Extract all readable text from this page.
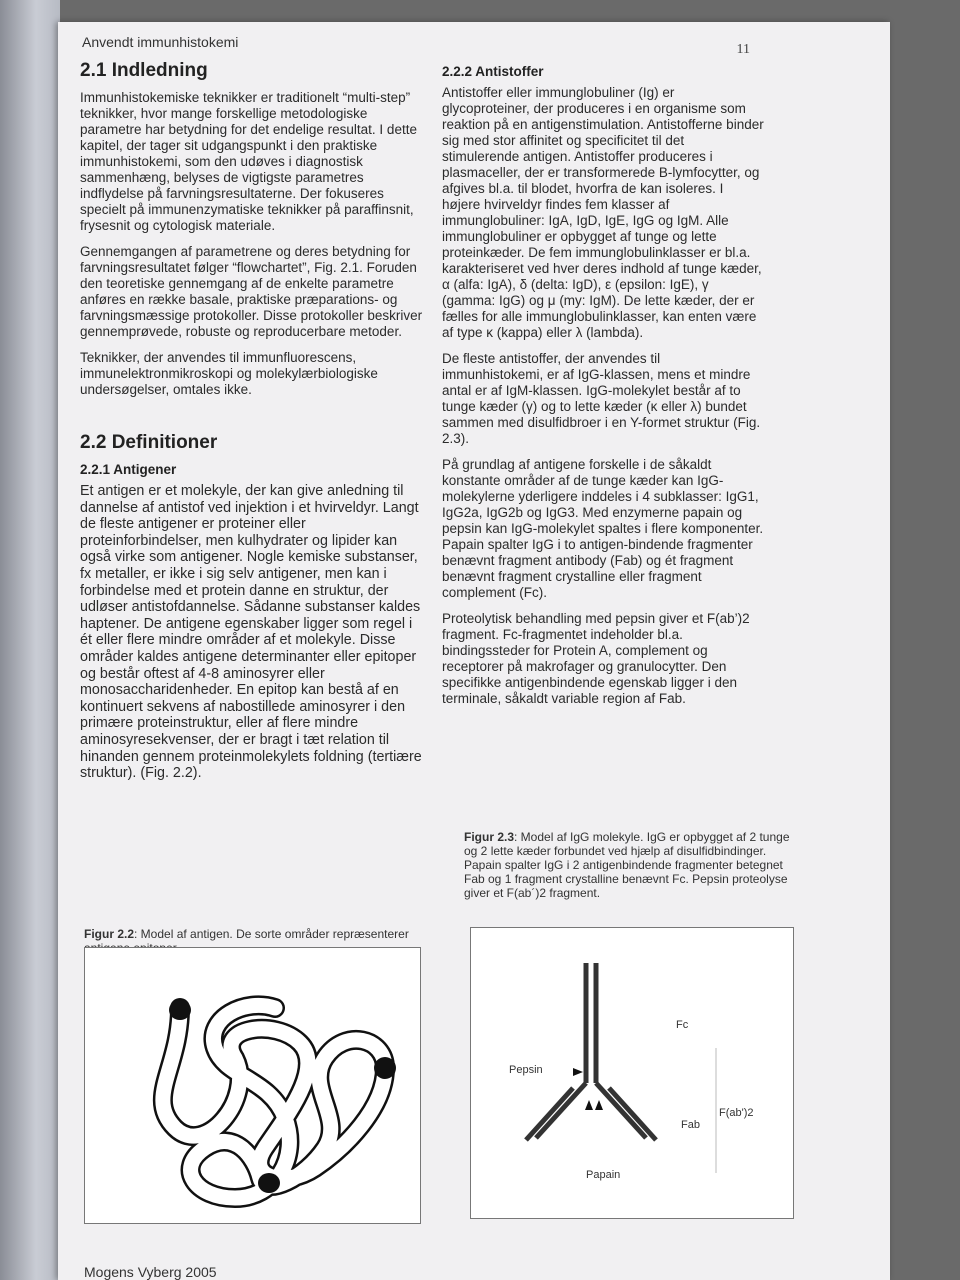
Anvendt immunhistokemi	11
2.1 Indledning

Immunhistokemiske teknikker er traditionelt “multi-step” teknikker, hvor mange forskellige metodologiske parametre har betydning for det endelige resultat. I dette kapitel, der tager sit udgangspunkt i den praktiske immunhistokemi, som den udøves i diagnostisk sammenhæng, belyses de vigtigste parametres indflydelse på farvningsresultaterne. Der fokuseres specielt på immunenzymatiske teknikker på paraffinsnit, frysesnit og cytologisk materiale.

Gennemgangen af parametrene og deres betydning for farvningsresultatet følger “flowchartet”, Fig. 2.1. Foruden den teoretiske gennemgang af de enkelte parametre anføres en række basale, praktiske præparations- og farvningsmæssige protokoller. Disse protokoller beskriver gennemprøvede, robuste og reproducerbare metoder.

Teknikker, der anvendes til immunfluorescens, immunelektronmikroskopi og molekylærbiologiske undersøgelser, omtales ikke.

2.2 Definitioner
2.2.1 Antigener

Et antigen er et molekyle, der kan give anledning til dannelse af antistof ved injektion i et hvirveldyr. Langt de fleste antigener er proteiner eller proteinforbindelser, men kulhydrater og lipider kan også virke som antigener. Nogle kemiske substanser, fx metaller, er ikke i sig selv antigener, men kan i forbindelse med et protein danne en struktur, der udløser antistofdannelse. Sådanne substanser kaldes haptener. De antigene egenskaber ligger som regel i ét eller flere mindre områder af et molekyle. Disse områder kaldes antigene determinanter eller epitoper og består oftest af 4-8 aminosyrer eller monosaccharidenheder. En epitop kan bestå af en kontinuert sekvens af nabostillede aminosyrer i den primære proteinstruktur, eller af flere mindre aminosyresekvenser, der er bragt i tæt relation til hinanden gennem proteinmolekylets foldning (tertiære struktur). (Fig. 2.2).

2.2.2 Antistoffer

Antistoffer eller immunglobuliner (Ig) er glycoproteiner, der produceres i en organisme som reaktion på en antigenstimulation. Antistofferne binder sig med stor affinitet og specificitet til det stimulerende antigen. Antistoffer produceres i plasmaceller, der er transformerede B-lymfocytter, og afgives bl.a. til blodet, hvorfra de kan isoleres. I højere hvirveldyr findes fem klasser af immunglobuliner: IgA, IgD, IgE, IgG og IgM. Alle immunglobuliner er opbygget af tunge og lette proteinkæder. De fem immunglobulinklasser er bl.a. karakteriseret ved hver deres indhold af tunge kæder, α (alfa: IgA), δ (delta: IgD), ε (epsilon: IgE), γ (gamma: IgG) og μ (my: IgM). De lette kæder, der er fælles for alle immunglobulinklasser, kan enten være af type κ (kappa) eller λ (lambda).

De fleste antistoffer, der anvendes til immunhistokemi, er af IgG-klassen, mens et mindre antal er af IgM-klassen. IgG-molekylet består af to tunge kæder (γ) og to lette kæder (κ eller λ) bundet sammen med disulfidbroer i en Y-formet struktur (Fig. 2.3).

På grundlag af antigene forskelle i de såkaldt konstante områder af de tunge kæder kan IgG-molekylerne yderligere inddeles i 4 subklasser: IgG1, IgG2a, IgG2b og IgG3. Med enzymerne papain og pepsin kan IgG-molekylet spaltes i flere komponenter. Papain spalter IgG i to antigen-bindende fragmenter benævnt fragment antibody (Fab) og ét fragment benævnt fragment crystalline eller fragment complement (Fc).

Proteolytisk behandling med pepsin giver et F(ab’)2 fragment. Fc-fragmentet indeholder bl.a. bindingssteder for Protein A, complement og receptorer på makrofager og granulocytter. Den specifikke antigenbindende egenskab ligger i den terminale, såkaldt variable region af Fab.

Figur 2.2: Model af antigen. De sorte områder repræsenterer
Figur 2.3: Model af IgG molekyle. IgG er opbygget af 2 tunge og 2 lette kæder forbundet ved hjælp af disulfidbindinger. Papain spalter IgG i 2 antigenbindende fragmenter betegnet Fab og 1 fragment crystalline benævnt Fc. Pepsin proteolyse giver et F(ab´)2 fragment.
Fc
Pepsin
Fab
F(ab')2
Papain
Mogens Vyberg 2005
